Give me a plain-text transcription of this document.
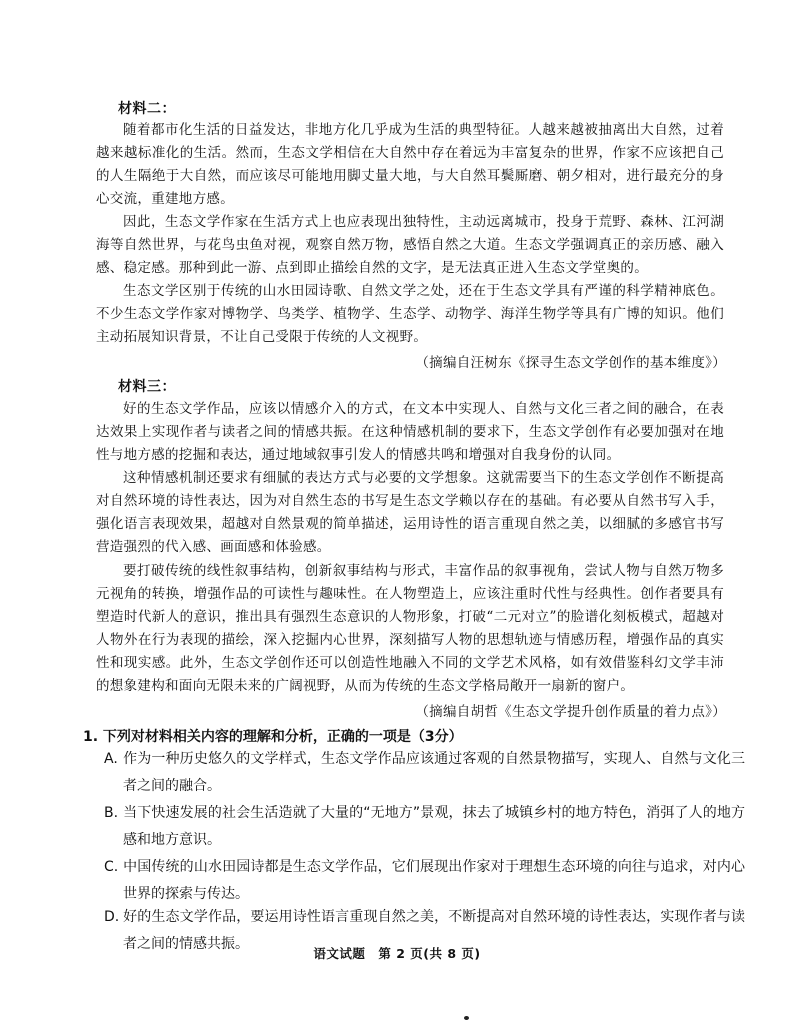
材料二：

随着都市化生活的日益发达，非地方化几乎成为生活的典型特征。人越来越被抽离出大自然，过着越来越标准化的生活。然而，生态文学相信在大自然中存在着远为丰富复杂的世界，作家不应该把自己的人生隔绝于大自然，而应该尽可能地用脚丈量大地，与大自然耳鬓厮磨、朝夕相对，进行最充分的身心交流，重建地方感。

因此，生态文学作家在生活方式上也应表现出独特性，主动远离城市，投身于荒野、森林、江河湖海等自然世界，与花鸟虫鱼对视，观察自然万物，感悟自然之大道。生态文学强调真正的亲历感、融入感、稳定感。那种到此一游、点到即止描绘自然的文字，是无法真正进入生态文学堂奥的。

生态文学区别于传统的山水田园诗歌、自然文学之处，还在于生态文学具有严谨的科学精神底色。不少生态文学作家对博物学、鸟类学、植物学、生态学、动物学、海洋生物学等具有广博的知识。他们主动拓展知识背景，不让自己受限于传统的人文视野。

（摘编自汪树东《探寻生态文学创作的基本维度》）
材料三：

好的生态文学作品，应该以情感介入的方式，在文本中实现人、自然与文化三者之间的融合，在表达效果上实现作者与读者之间的情感共振。在这种情感机制的要求下，生态文学创作有必要加强对在地性与地方感的挖掘和表达，通过地域叙事引发人的情感共鸣和增强对自我身份的认同。

这种情感机制还要求有细腻的表达方式与必要的文学想象。这就需要当下的生态文学创作不断提高对自然环境的诗性表达，因为对自然生态的书写是生态文学赖以存在的基础。有必要从自然书写入手，强化语言表现效果，超越对自然景观的简单描述，运用诗性的语言重现自然之美，以细腻的多感官书写营造强烈的代入感、画面感和体验感。

要打破传统的线性叙事结构，创新叙事结构与形式，丰富作品的叙事视角，尝试人物与自然万物多元视角的转换，增强作品的可读性与趣味性。在人物塑造上，应该注重时代性与经典性。创作者要具有塑造时代新人的意识，推出具有强烈生态意识的人物形象，打破“二元对立”的脸谱化刻板模式，超越对人物外在行为表现的描绘，深入挖掘内心世界，深刻描写人物的思想轨迹与情感历程，增强作品的真实性和现实感。此外，生态文学创作还可以创造性地融入不同的文学艺术风格，如有效借鉴科幻文学丰沛的想象建构和面向无限未来的广阔视野，从而为传统的生态文学格局敞开一扇新的窗户。

（摘编自胡哲《生态文学提升创作质量的着力点》）
1. 下列对材料相关内容的理解和分析，正确的一项是（3分）

A. 作为一种历史悠久的文学样式，生态文学作品应该通过客观的自然景物描写，实现人、自然与文化三者之间的融合。

B. 当下快速发展的社会生活造就了大量的“无地方”景观，抹去了城镇乡村的地方特色，消弭了人的地方感和地方意识。

C. 中国传统的山水田园诗都是生态文学作品，它们展现出作家对于理想生态环境的向往与追求，对内心世界的探索与传达。

D. 好的生态文学作品，要运用诗性语言重现自然之美，不断提高对自然环境的诗性表达，实现作者与读者之间的情感共振。

语文试题　第 2 页(共 8 页)
